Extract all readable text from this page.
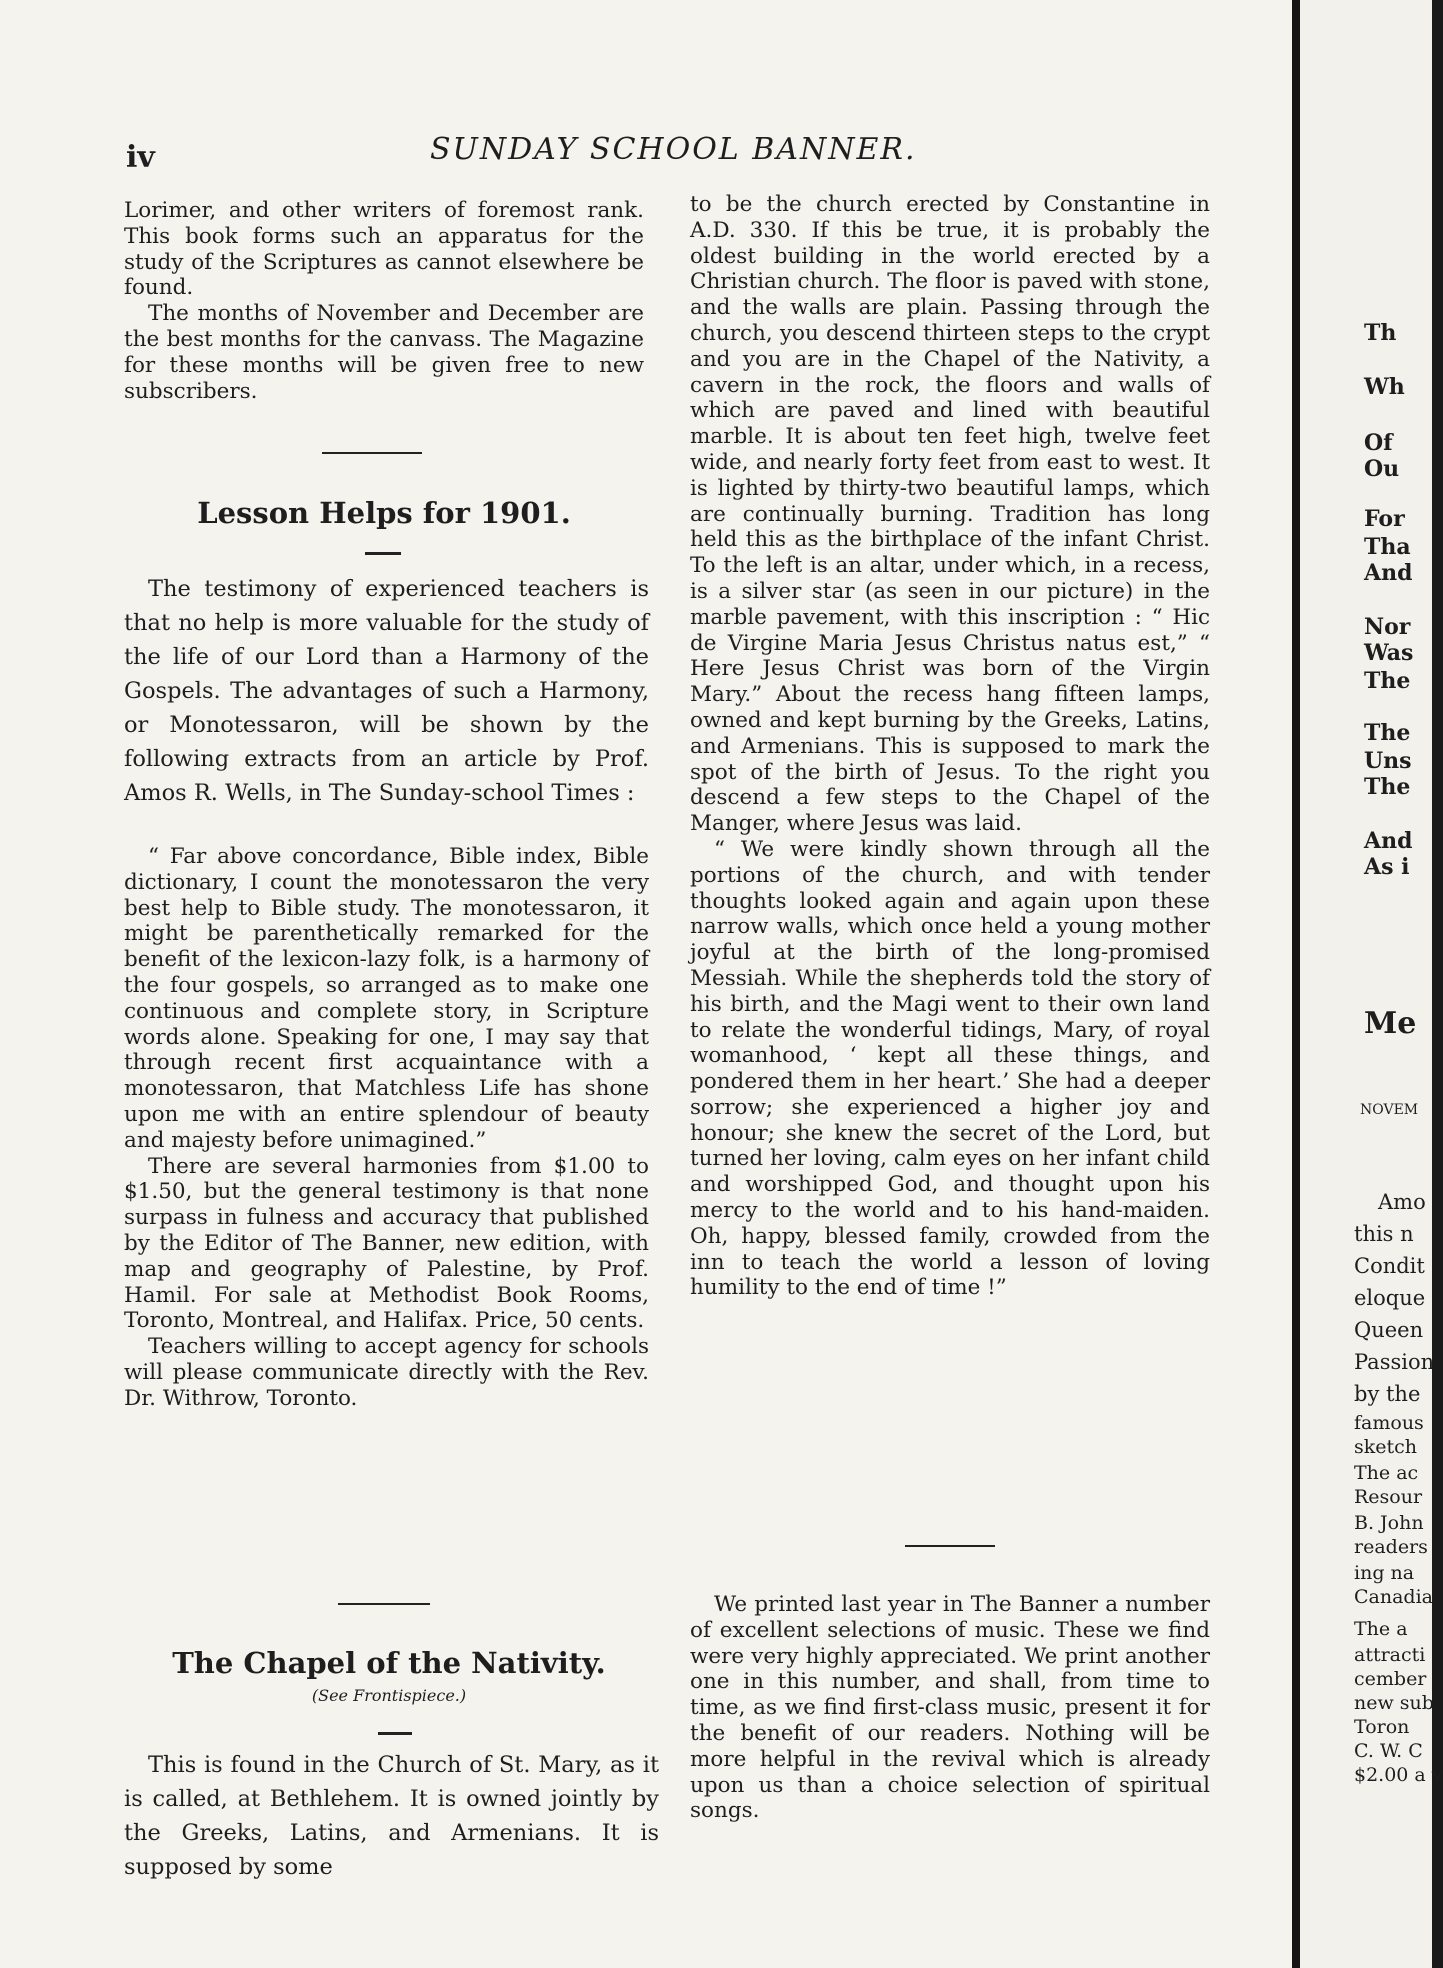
iv	SUNDAY SCHOOL BANNER.

Lorimer, and other writers of foremost rank. This book forms such an apparatus for the study of the Scriptures as cannot elsewhere be found.

The months of November and December are the best months for the canvass. The Magazine for these months will be given free to new subscribers.

Lesson Helps for 1901.

The testimony of experienced teachers is that no help is more valuable for the study of the life of our Lord than a Harmony of the Gospels. The advantages of such a Harmony, or Monotessaron, will be shown by the following extracts from an article by Prof. Amos R. Wells, in The Sunday-school Times :

“ Far above concordance, Bible index, Bible dictionary, I count the monotessaron the very best help to Bible study. The monotessaron, it might be parenthetically remarked for the benefit of the lexicon-lazy folk, is a harmony of the four gospels, so arranged as to make one continuous and complete story, in Scripture words alone. Speaking for one, I may say that through recent first acquaintance with a monotessaron, that Matchless Life has shone upon me with an entire splendour of beauty and majesty before unimagined.”

There are several harmonies from $1.00 to $1.50, but the general testimony is that none surpass in fulness and accuracy that published by the Editor of The Banner, new edition, with map and geography of Palestine, by Prof. Hamil. For sale at Methodist Book Rooms, Toronto, Montreal, and Halifax. Price, 50 cents.

Teachers willing to accept agency for schools will please communicate directly with the Rev. Dr. Withrow, Toronto.

The Chapel of the Nativity.
(See Frontispiece.)

This is found in the Church of St. Mary, as it is called, at Bethlehem. It is owned jointly by the Greeks, Latins, and Armenians. It is supposed by some

to be the church erected by Constantine in A.D. 330. If this be true, it is probably the oldest building in the world erected by a Christian church. The floor is paved with stone, and the walls are plain. Passing through the church, you descend thirteen steps to the crypt and you are in the Chapel of the Nativity, a cavern in the rock, the floors and walls of which are paved and lined with beautiful marble. It is about ten feet high, twelve feet wide, and nearly forty feet from east to west. It is lighted by thirty-two beautiful lamps, which are continually burning. Tradition has long held this as the birthplace of the infant Christ. To the left is an altar, under which, in a recess, is a silver star (as seen in our picture) in the marble pavement, with this inscription : “ Hic de Virgine Maria Jesus Christus natus est,” “ Here Jesus Christ was born of the Virgin Mary.” About the recess hang fifteen lamps, owned and kept burning by the Greeks, Latins, and Armenians. This is supposed to mark the spot of the birth of Jesus. To the right you descend a few steps to the Chapel of the Manger, where Jesus was laid.

“ We were kindly shown through all the portions of the church, and with tender thoughts looked again and again upon these narrow walls, which once held a young mother joyful at the birth of the long-promised Messiah. While the shepherds told the story of his birth, and the Magi went to their own land to relate the wonderful tidings, Mary, of royal womanhood, ‘ kept all these things, and pondered them in her heart.’ She had a deeper sorrow; she experienced a higher joy and honour; she knew the secret of the Lord, but turned her loving, calm eyes on her infant child and worshipped God, and thought upon his mercy to the world and to his hand-maiden. Oh, happy, blessed family, crowded from the inn to teach the world a lesson of loving humility to the end of time !”

We printed last year in The Banner a number of excellent selections of music. These we find were very highly appreciated. We print another one in this number, and shall, from time to time, as we find first-class music, present it for the benefit of our readers. Nothing will be more helpful in the revival which is already upon us than a choice selection of spiritual songs.

Th
Wh
Of
Ou
For
Tha
And
Nor
Was
The
The
Uns
The
And
As i
Me
NOVEM
Amo
this n
Condit
eloque
Queen
Passion
by the
famous
sketch
The ac
Resour
B. John
readers
ing na
Canadia
The a
attracti
cember
new sub
Toron
C. W. C
$2.00 a y
